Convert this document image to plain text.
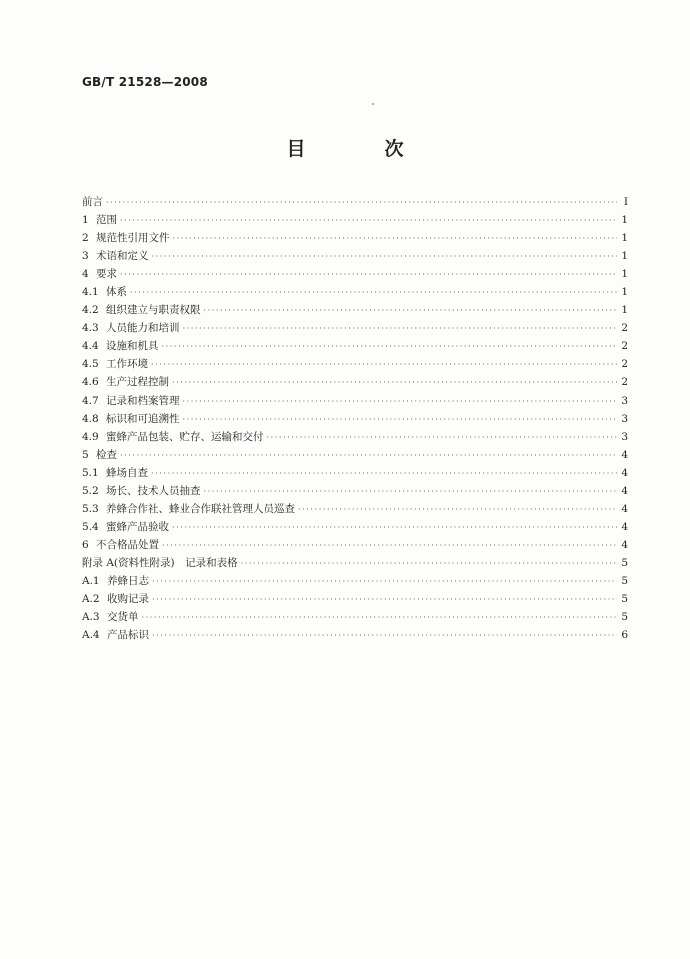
GB/T 21528—2008
目　次
前言 ·····	Ⅰ
1 范围 ·····	1
2 规范性引用文件 ·····	1
3 术语和定义 ·····	1
4 要求 ·····	1
4.1 体系 ·····	1
4.2 组织建立与职责权限 ·····	1
4.3 人员能力和培训 ·····	2
4.4 设施和机具 ·····	2
4.5 工作环境 ·····	2
4.6 生产过程控制 ·····	2
4.7 记录和档案管理 ·····	3
4.8 标识和可追溯性 ·····	3
4.9 蜜蜂产品包装、贮存、运输和交付 ·····	3
5 检查 ·····	4
5.1 蜂场自查 ·····	4
5.2 场长、技术人员抽查 ·····	4
5.3 养蜂合作社、蜂业合作联社管理人员巡查 ·····	4
5.4 蜜蜂产品验收 ·····	4
6 不合格品处置 ·····	4
附录 A(资料性附录)　记录和表格 ·····	5
A.1 养蜂日志 ·····	5
A.2 收购记录 ·····	5
A.3 交货单 ·····	5
A.4 产品标识 ·····	6
